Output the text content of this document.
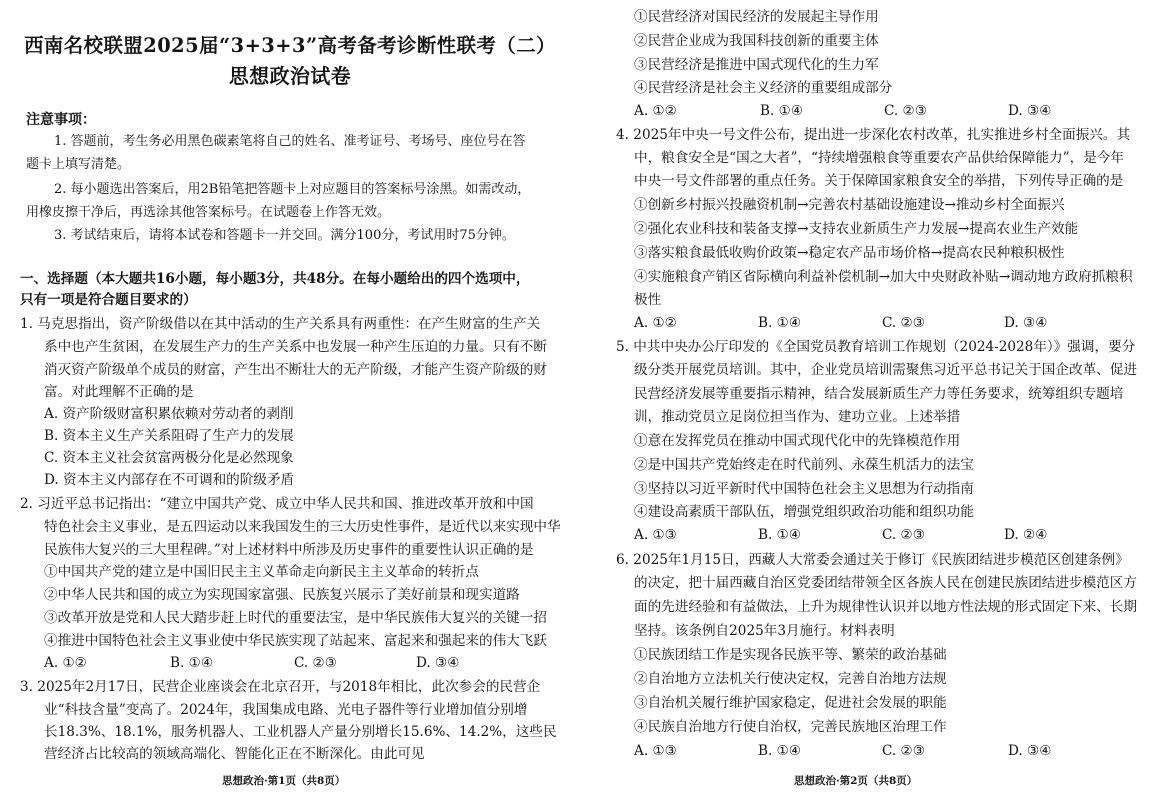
西南名校联盟2025届“3+3+3”高考备考诊断性联考（二）
思想政治试卷
注意事项：
1. 答题前，考生务必用黑色碳素笔将自己的姓名、准考证号、考场号、座位号在答
题卡上填写清楚。
2. 每小题选出答案后，用2B铅笔把答题卡上对应题目的答案标号涂黑。如需改动，
用橡皮擦干净后，再选涂其他答案标号。在试题卷上作答无效。
3. 考试结束后，请将本试卷和答题卡一并交回。满分100分，考试用时75分钟。
一、选择题（本大题共16小题，每小题3分，共48分。在每小题给出的四个选项中，
只有一项是符合题目要求的）
1. 马克思指出，资产阶级借以在其中活动的生产关系具有两重性：在产生财富的生产关
系中也产生贫困，在发展生产力的生产关系中也发展一种产生压迫的力量。只有不断
消灭资产阶级单个成员的财富，产生出不断壮大的无产阶级，才能产生资产阶级的财
富。对此理解不正确的是
A. 资产阶级财富积累依赖对劳动者的剥削
B. 资本主义生产关系阻碍了生产力的发展
C. 资本主义社会贫富两极分化是必然现象
D. 资本主义内部存在不可调和的阶级矛盾
2. 习近平总书记指出：“建立中国共产党、成立中华人民共和国、推进改革开放和中国
特色社会主义事业，是五四运动以来我国发生的三大历史性事件，是近代以来实现中华
民族伟大复兴的三大里程碑。”对上述材料中所涉及历史事件的重要性认识正确的是
①中国共产党的建立是中国旧民主主义革命走向新民主主义革命的转折点
②中华人民共和国的成立为实现国家富强、民族复兴展示了美好前景和现实道路
③改革开放是党和人民大踏步赶上时代的重要法宝，是中华民族伟大复兴的关键一招
④推进中国特色社会主义事业使中华民族实现了站起来、富起来和强起来的伟大飞跃
A. ①②	B. ①④	C. ②③	D. ③④
3. 2025年2月17日，民营企业座谈会在北京召开，与2018年相比，此次参会的民营企
业“科技含量”变高了。2024年，我国集成电路、光电子器件等行业增加值分别增
长18.3%、18.1%，服务机器人、工业机器人产量分别增长15.6%、14.2%，这些民
营经济占比较高的领域高端化、智能化正在不断深化。由此可见
思想政治·第1页（共8页）
①民营经济对国民经济的发展起主导作用
②民营企业成为我国科技创新的重要主体
③民营经济是推进中国式现代化的生力军
④民营经济是社会主义经济的重要组成部分
A. ①②	B. ①④	C. ②③	D. ③④
4. 2025年中央一号文件公布，提出进一步深化农村改革，扎实推进乡村全面振兴。其
中，粮食安全是“国之大者”，“持续增强粮食等重要农产品供给保障能力”，是今年
中央一号文件部署的重点任务。关于保障国家粮食安全的举措，下列传导正确的是
①创新乡村振兴投融资机制→完善农村基础设施建设→推动乡村全面振兴
②强化农业科技和装备支撑→支持农业新质生产力发展→提高农业生产效能
③落实粮食最低收购价政策→稳定农产品市场价格→提高农民种粮积极性
④实施粮食产销区省际横向利益补偿机制→加大中央财政补贴→调动地方政府抓粮积
极性
A. ①②	B. ①④	C. ②③	D. ③④
5. 中共中央办公厅印发的《全国党员教育培训工作规划（2024-2028年）》强调，要分
级分类开展党员培训。其中，企业党员培训需聚焦习近平总书记关于国企改革、促进
民营经济发展等重要指示精神，结合发展新质生产力等任务要求，统筹组织专题培
训，推动党员立足岗位担当作为、建功立业。上述举措
①意在发挥党员在推动中国式现代化中的先锋模范作用
②是中国共产党始终走在时代前列、永葆生机活力的法宝
③坚持以习近平新时代中国特色社会主义思想为行动指南
④建设高素质干部队伍，增强党组织政治功能和组织功能
A. ①③	B. ①④	C. ②③	D. ②④
6. 2025年1月15日，西藏人大常委会通过关于修订《民族团结进步模范区创建条例》
的决定，把十届西藏自治区党委团结带领全区各族人民在创建民族团结进步模范区方
面的先进经验和有益做法，上升为规律性认识并以地方性法规的形式固定下来、长期
坚持。该条例自2025年3月施行。材料表明
①民族团结工作是实现各民族平等、繁荣的政治基础
②自治地方立法机关行使决定权，完善自治地方法规
③自治机关履行维护国家稳定，促进社会发展的职能
④民族自治地方行使自治权，完善民族地区治理工作
A. ①③	B. ①④	C. ②③	D. ③④
思想政治·第2页（共8页）
